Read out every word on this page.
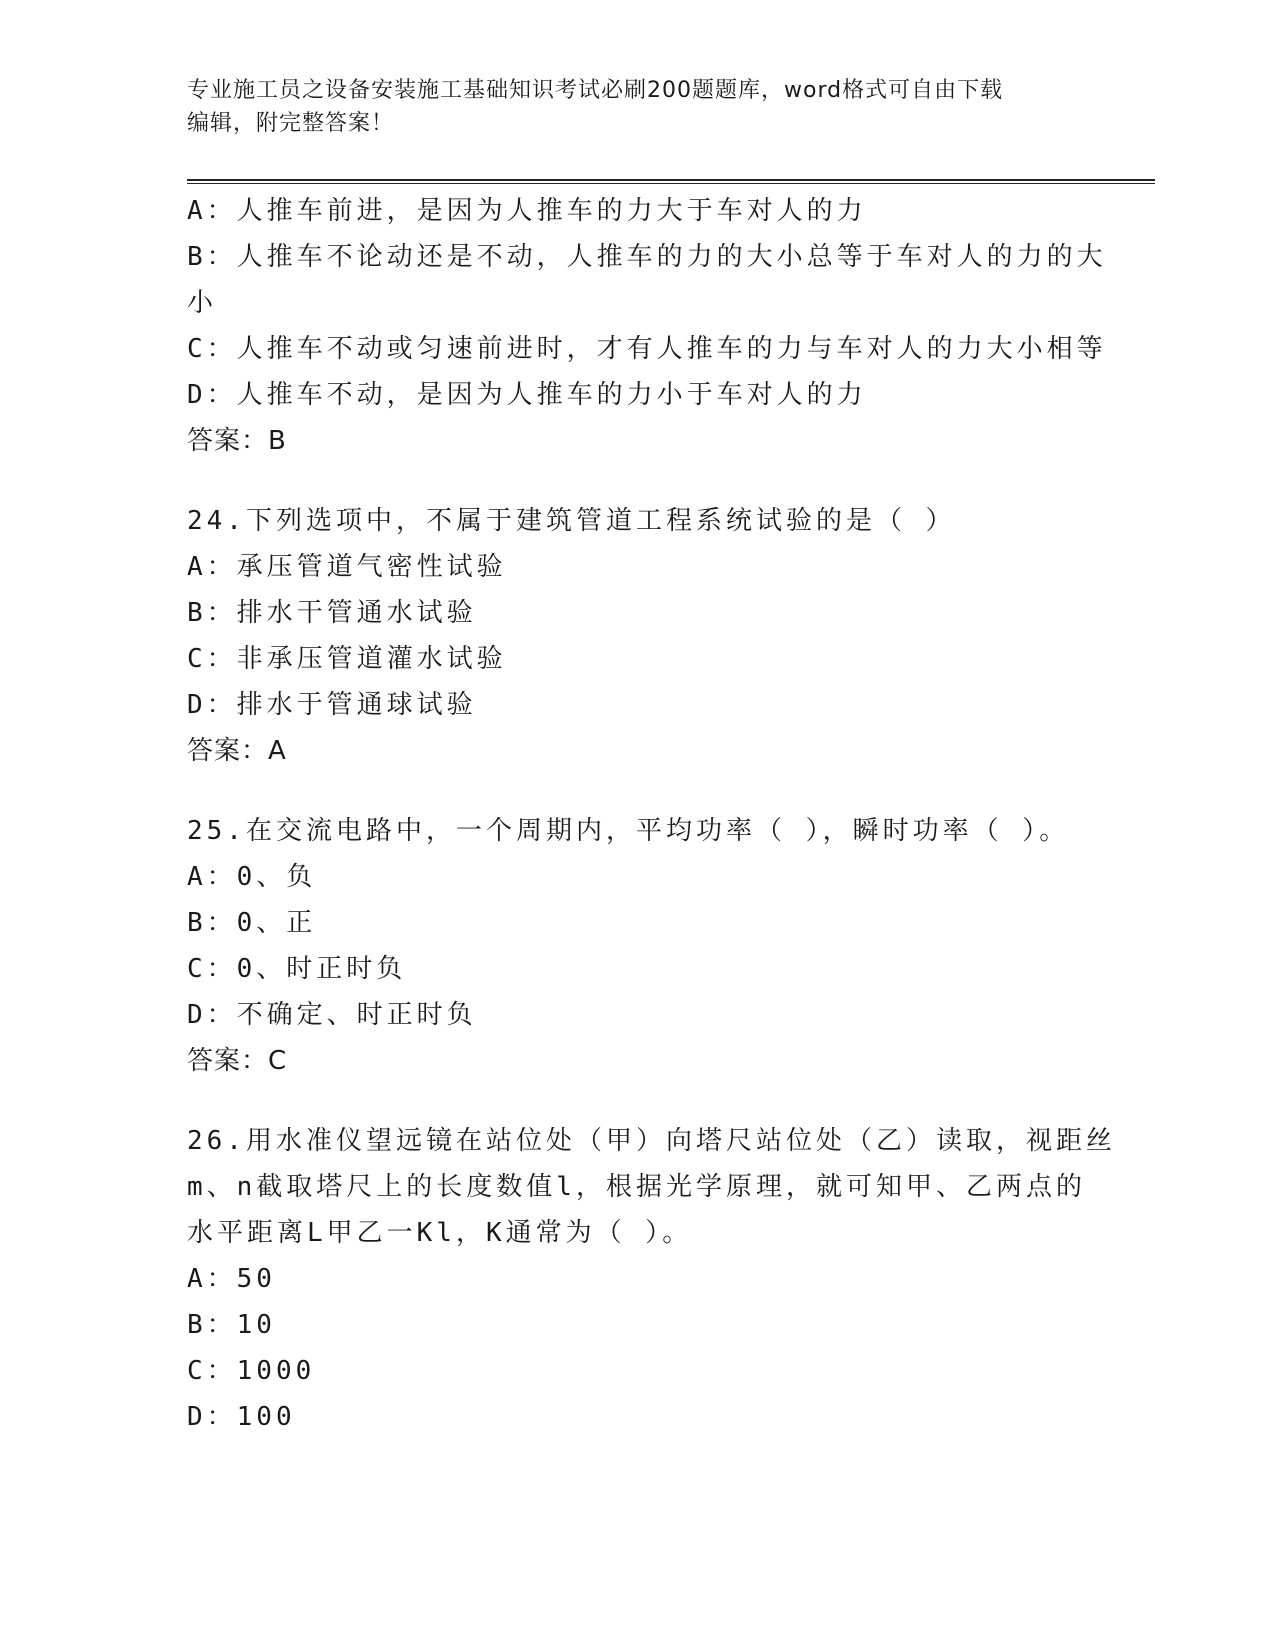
专业施工员之设备安装施工基础知识考试必刷200题题库，word格式可自由下载
编辑，附完整答案！
A：人推车前进，是因为人推车的力大于车对人的力
B：人推车不论动还是不动，人推车的力的大小总等于车对人的力的大
小
C：人推车不动或匀速前进时，才有人推车的力与车对人的力大小相等
D：人推车不动，是因为人推车的力小于车对人的力
答案：B
24.下列选项中，不属于建筑管道工程系统试验的是（ ）
A：承压管道气密性试验
B：排水干管通水试验
C：非承压管道灌水试验
D：排水于管通球试验
答案：A
25.在交流电路中，一个周期内，平均功率（ ），瞬时功率（ ）。
A：0、负
B：0、正
C：0、时正时负
D：不确定、时正时负
答案：C
26.用水准仪望远镜在站位处（甲）向塔尺站位处（乙）读取，视距丝
m、n截取塔尺上的长度数值l，根据光学原理，就可知甲、乙两点的
水平距离L甲乙一Kl，K通常为（ ）。
A：50
B：10
C：1000
D：100
